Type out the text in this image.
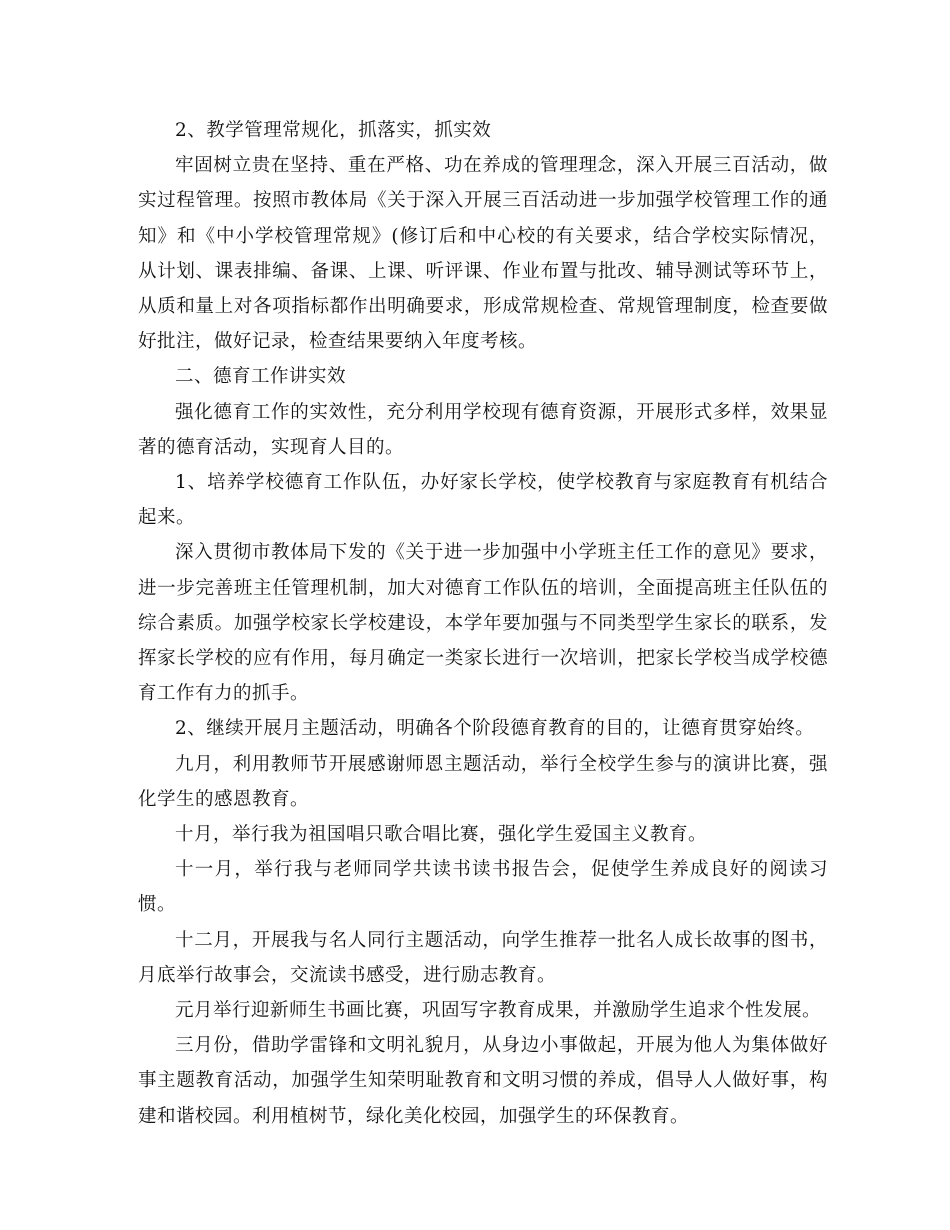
2、教学管理常规化，抓落实，抓实效

牢固树立贵在坚持、重在严格、功在养成的管理理念，深入开展三百活动，做实过程管理。按照市教体局《关于深入开展三百活动进一步加强学校管理工作的通知》和《中小学校管理常规》(修订后和中心校的有关要求，结合学校实际情况，从计划、课表排编、备课、上课、听评课、作业布置与批改、辅导测试等环节上，从质和量上对各项指标都作出明确要求，形成常规检查、常规管理制度，检查要做好批注，做好记录，检查结果要纳入年度考核。

二、德育工作讲实效

强化德育工作的实效性，充分利用学校现有德育资源，开展形式多样，效果显著的德育活动，实现育人目的。

1、培养学校德育工作队伍，办好家长学校，使学校教育与家庭教育有机结合起来。

深入贯彻市教体局下发的《关于进一步加强中小学班主任工作的意见》要求，进一步完善班主任管理机制，加大对德育工作队伍的培训，全面提高班主任队伍的综合素质。加强学校家长学校建设，本学年要加强与不同类型学生家长的联系，发挥家长学校的应有作用，每月确定一类家长进行一次培训，把家长学校当成学校德育工作有力的抓手。

2、继续开展月主题活动，明确各个阶段德育教育的目的，让德育贯穿始终。

九月，利用教师节开展感谢师恩主题活动，举行全校学生参与的演讲比赛，强化学生的感恩教育。

十月，举行我为祖国唱只歌合唱比赛，强化学生爱国主义教育。

十一月，举行我与老师同学共读书读书报告会，促使学生养成良好的阅读习惯。

十二月，开展我与名人同行主题活动，向学生推荐一批名人成长故事的图书，月底举行故事会，交流读书感受，进行励志教育。

元月举行迎新师生书画比赛，巩固写字教育成果，并激励学生追求个性发展。

三月份，借助学雷锋和文明礼貌月，从身边小事做起，开展为他人为集体做好事主题教育活动，加强学生知荣明耻教育和文明习惯的养成，倡导人人做好事，构建和谐校园。利用植树节，绿化美化校园，加强学生的环保教育。
